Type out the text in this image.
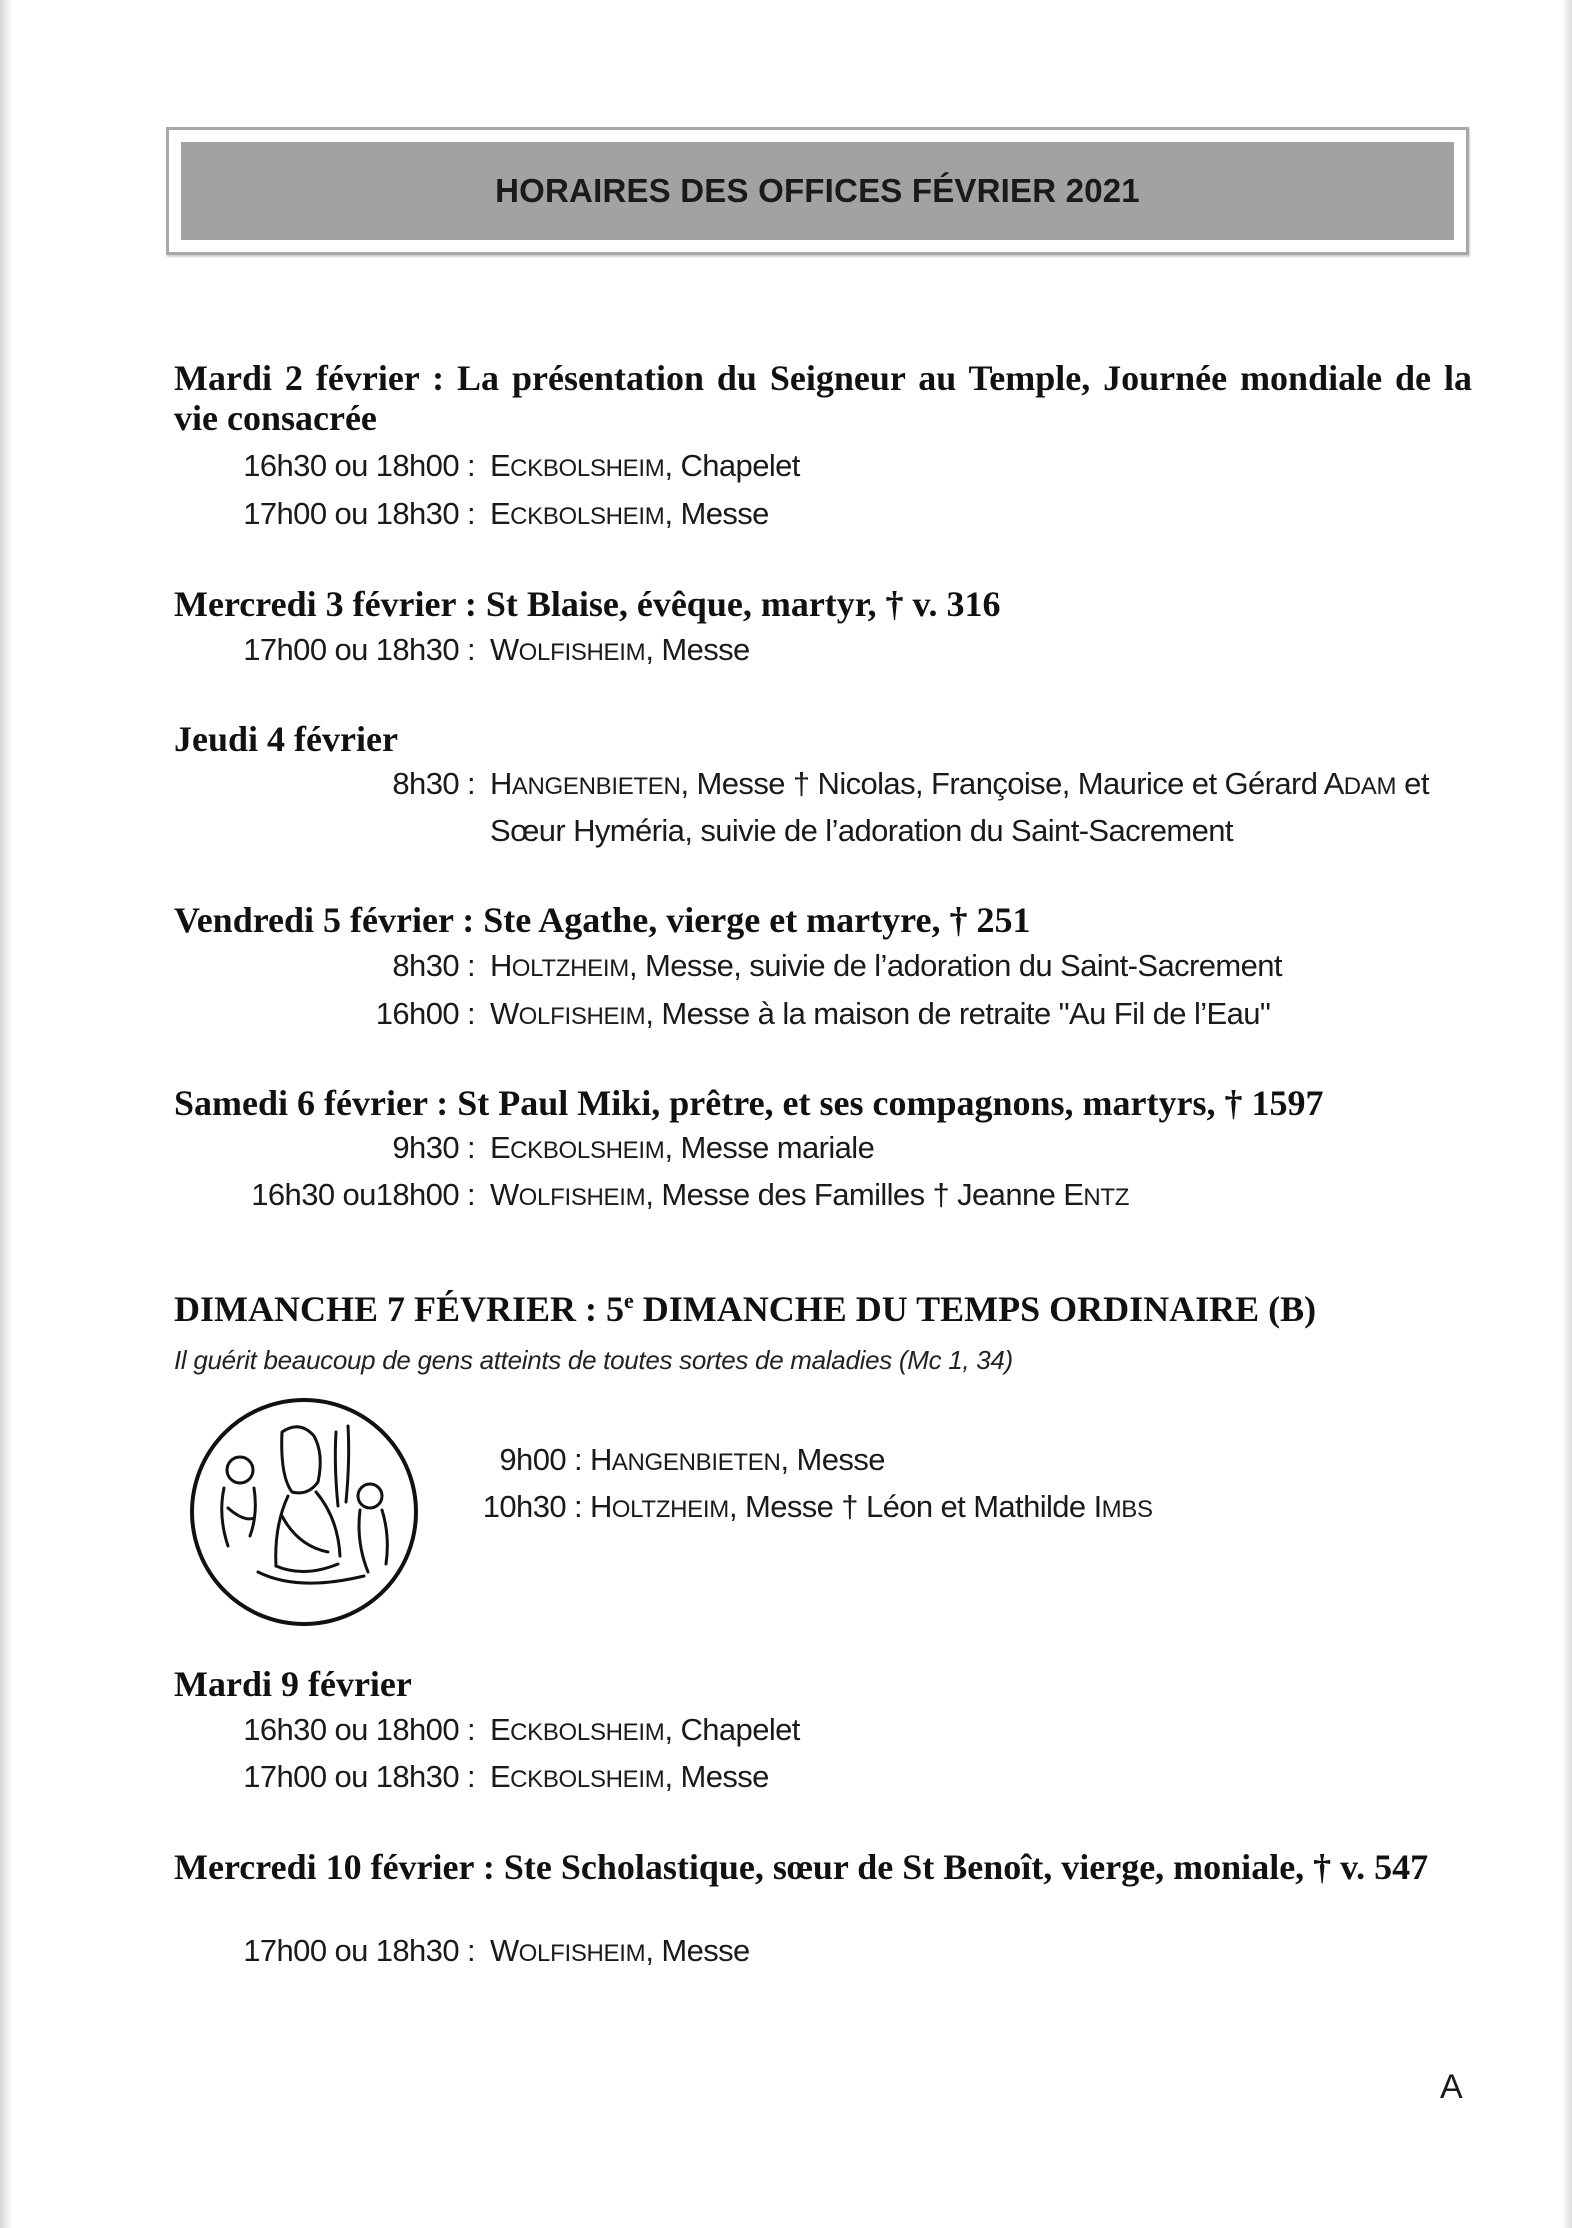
HORAIRES DES OFFICES FÉVRIER 2021
Mardi 2 février : La présentation du Seigneur au Temple, Journée mondiale de la vie consacrée
16h30 ou 18h00 : ECKBOLSHEIM, Chapelet
17h00 ou 18h30 : ECKBOLSHEIM, Messe
Mercredi 3 février : St Blaise, évêque, martyr, † v. 316
17h00 ou 18h30 : WOLFISHEIM, Messe
Jeudi 4 février
8h30 : HANGENBIETEN, Messe † Nicolas, Françoise, Maurice et Gérard ADAM et
Sœur Hyméria, suivie de l’adoration du Saint-Sacrement
Vendredi 5 février : Ste Agathe, vierge et martyre, † 251
8h30 : HOLTZHEIM, Messe, suivie de l’adoration du Saint-Sacrement
16h00 : WOLFISHEIM, Messe à la maison de retraite "Au Fil de l’Eau"
Samedi 6 février : St Paul Miki, prêtre, et ses compagnons, martyrs, † 1597
9h30 : ECKBOLSHEIM, Messe mariale
16h30 ou18h00 : WOLFISHEIM, Messe des Familles † Jeanne ENTZ
DIMANCHE 7 FÉVRIER : 5e DIMANCHE DU TEMPS ORDINAIRE (B)
Il guérit beaucoup de gens atteints de toutes sortes de maladies (Mc 1, 34)
9h00 : HANGENBIETEN, Messe
10h30 : HOLTZHEIM, Messe † Léon et Mathilde IMBS
Mardi 9 février
16h30 ou 18h00 : ECKBOLSHEIM, Chapelet
17h00 ou 18h30 : ECKBOLSHEIM, Messe
Mercredi 10 février : Ste Scholastique, sœur de St Benoît, vierge, moniale, † v. 547
17h00 ou 18h30 : WOLFISHEIM, Messe
A
